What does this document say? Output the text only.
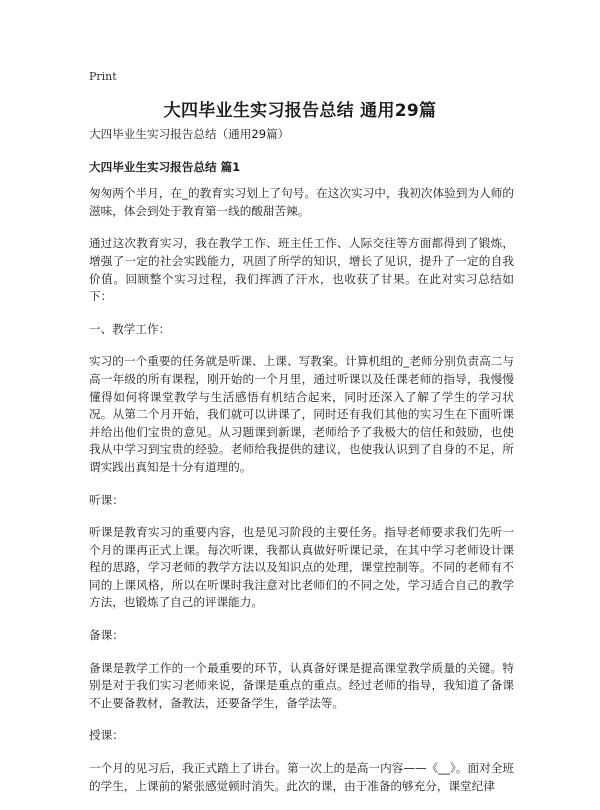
Print
大四毕业生实习报告总结 通用29篇

大四毕业生实习报告总结（通用29篇）

大四毕业生实习报告总结 篇1

匆匆两个半月，在_的教育实习划上了句号。在这次实习中，我初次体验到为人师的滋味，体会到处于教育第一线的酸甜苦辣。

通过这次教育实习，我在教学工作、班主任工作、人际交往等方面都得到了锻炼，增强了一定的社会实践能力，巩固了所学的知识，增长了见识，提升了一定的自我价值。回顾整个实习过程，我们挥洒了汗水，也收获了甘果。在此对实习总结如下：

一、教学工作：

实习的一个重要的任务就是听课、上课、写教案。计算机组的_老师分别负责高二与高一年级的所有课程，刚开始的一个月里，通过听课以及任课老师的指导，我慢慢懂得如何将课堂教学与生活感悟有机结合起来，同时还深入了解了学生的学习状况。从第二个月开始，我们就可以讲课了，同时还有我们其他的实习生在下面听课并给出他们宝贵的意见。从习题课到新课，老师给予了我极大的信任和鼓励，也使我从中学习到宝贵的经验。老师给我提供的建议，也使我认识到了自身的不足，所谓实践出真知是十分有道理的。

听课：

听课是教育实习的重要内容，也是见习阶段的主要任务。指导老师要求我们先听一个月的课再正式上课。每次听课，我都认真做好听课记录，在其中学习老师设计课程的思路，学习老师的教学方法以及知识点的处理，课堂控制等。不同的老师有不同的上课风格，所以在听课时我注意对比老师们的不同之处，学习适合自己的教学方法，也锻炼了自己的评课能力。

备课：

备课是教学工作的一个最重要的环节，认真备好课是提高课堂教学质量的关键。特别是对于我们实习老师来说，备课是重点的重点。经过老师的指导，我知道了备课不止要备教材，备教法，还要备学生，备学法等。

授课：

一个月的见习后，我正式踏上了讲台。第一次上的是高一内容——《__》。面对全班的学生，上课前的紧张感觉顿时消失。此次的课，由于准备的够充分，课堂纪律
